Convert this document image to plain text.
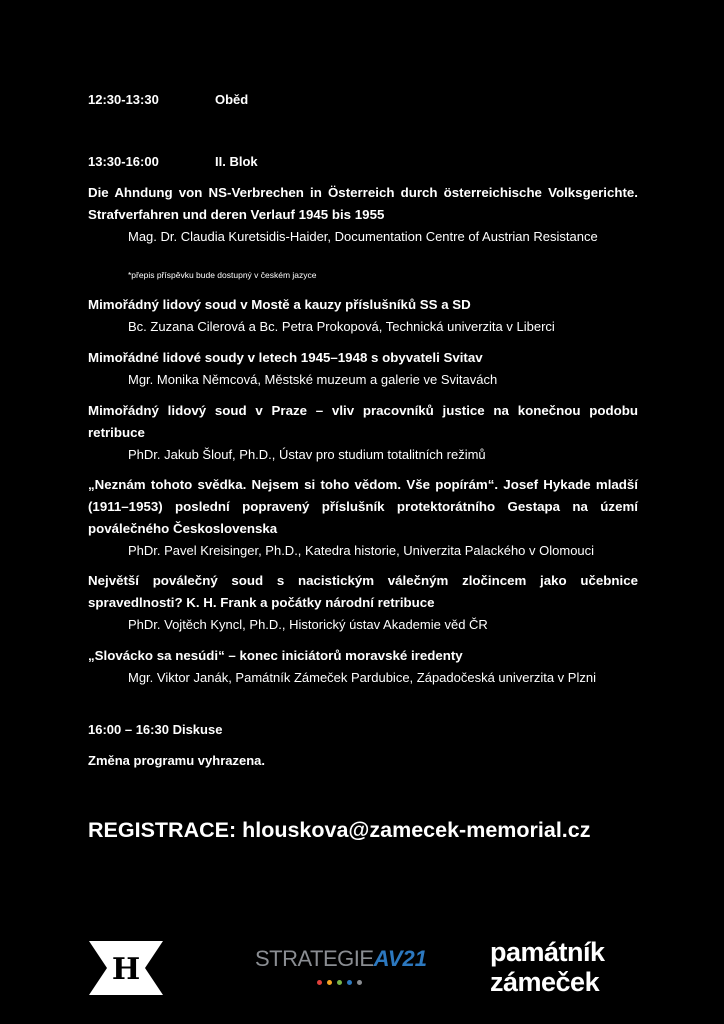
12:30-13:30	Oběd
13:30-16:00	II. Blok
Die Ahndung von NS-Verbrechen in Österreich durch österreichische Volksgerichte. Strafverfahren und deren Verlauf 1945 bis 1955
Mag. Dr. Claudia Kuretsidis-Haider, Documentation Centre of Austrian Resistance
*přepis příspěvku bude dostupný v českém jazyce
Mimořádný lidový soud v Mostě a kauzy příslušníků SS a SD
Bc. Zuzana Cilerová a Bc. Petra Prokopová, Technická univerzita v Liberci
Mimořádné lidové soudy v letech 1945–1948 s obyvateli Svitav
Mgr. Monika Němcová, Městské muzeum a galerie ve Svitavách
Mimořádný lidový soud v Praze – vliv pracovníků justice na konečnou podobu retribuce
PhDr. Jakub Šlouf, Ph.D., Ústav pro studium totalitních režimů
„Neznám tohoto svědka. Nejsem si toho vědom. Vše popírám“. Josef Hykade mladší (1911–1953) poslední popravený příslušník protektorátního Gestapa na území poválečného Československa
PhDr. Pavel Kreisinger, Ph.D., Katedra historie, Univerzita Palackého v Olomouci
Největší poválečný soud s nacistickým válečným zločincem jako učebnice spravedlnosti? K. H. Frank a počátky národní retribuce
PhDr. Vojtěch Kyncl, Ph.D., Historický ústav Akademie věd ČR
„Slovácko sa nesúdi“ – konec iniciátorů moravské iredenty
Mgr. Viktor Janák, Památník Zámeček Pardubice, Západočeská univerzita v Plzni
16:00 – 16:30 Diskuse
Změna programu vyhrazena.
REGISTRACE: hlouskova@zamecek-memorial.cz
H	STRATEGIEAV21 památník
zámeček
